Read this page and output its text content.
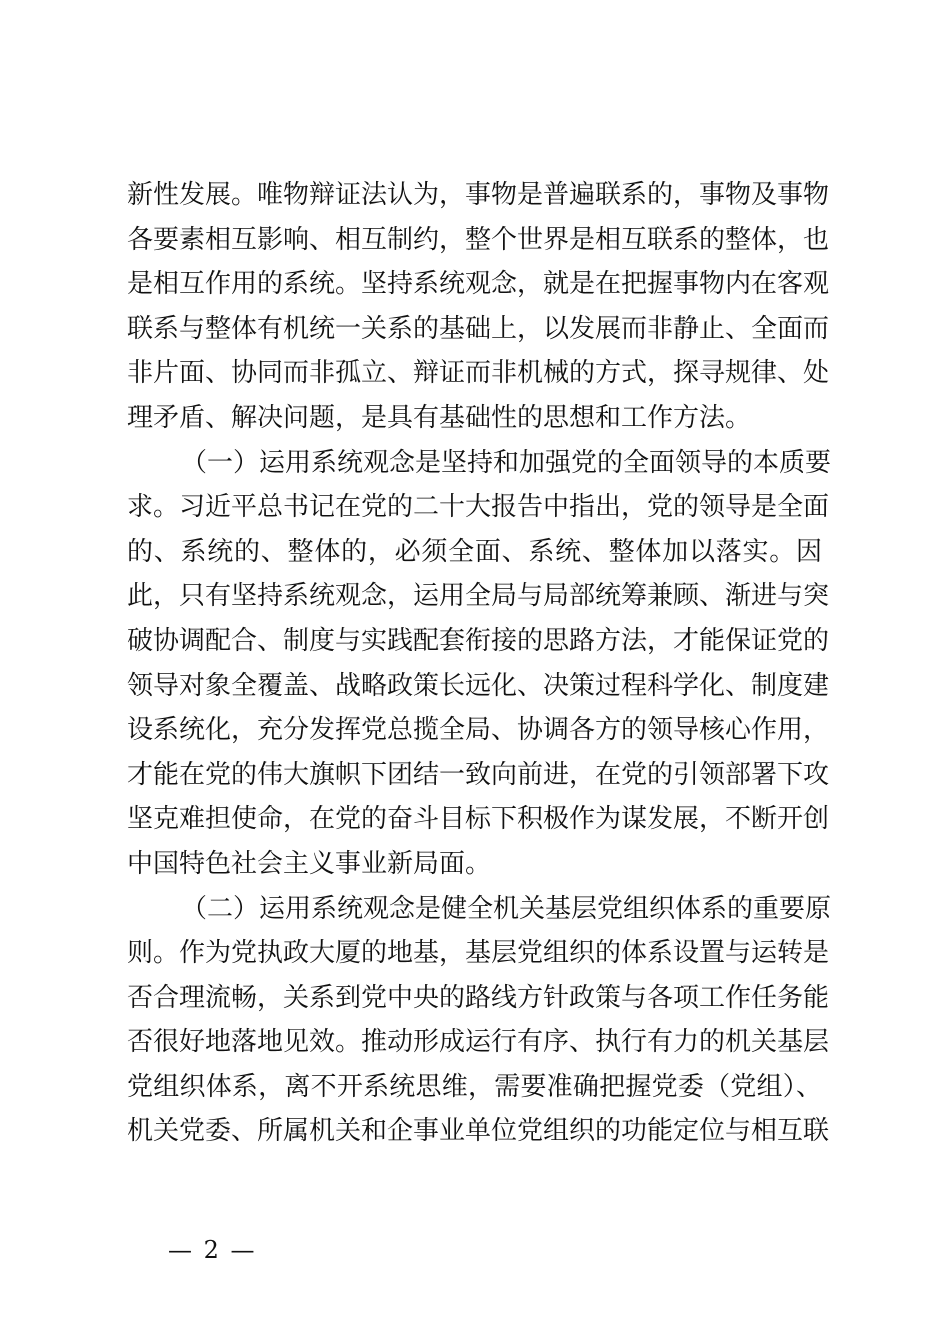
新性发展。唯物辩证法认为，事物是普遍联系的，事物及事物
各要素相互影响、相互制约，整个世界是相互联系的整体，也
是相互作用的系统。坚持系统观念，就是在把握事物内在客观
联系与整体有机统一关系的基础上，以发展而非静止、全面而
非片面、协同而非孤立、辩证而非机械的方式，探寻规律、处
理矛盾、解决问题，是具有基础性的思想和工作方法。
（一）运用系统观念是坚持和加强党的全面领导的本质要
求。习近平总书记在党的二十大报告中指出，党的领导是全面
的、系统的、整体的，必须全面、系统、整体加以落实。因
此，只有坚持系统观念，运用全局与局部统筹兼顾、渐进与突
破协调配合、制度与实践配套衔接的思路方法，才能保证党的
领导对象全覆盖、战略政策长远化、决策过程科学化、制度建
设系统化，充分发挥党总揽全局、协调各方的领导核心作用，
才能在党的伟大旗帜下团结一致向前进，在党的引领部署下攻
坚克难担使命，在党的奋斗目标下积极作为谋发展，不断开创
中国特色社会主义事业新局面。
（二）运用系统观念是健全机关基层党组织体系的重要原
则。作为党执政大厦的地基，基层党组织的体系设置与运转是
否合理流畅，关系到党中央的路线方针政策与各项工作任务能
否很好地落地见效。推动形成运行有序、执行有力的机关基层
党组织体系，离不开系统思维，需要准确把握党委（党组）、
机关党委、所属机关和企事业单位党组织的功能定位与相互联
— 2 —
